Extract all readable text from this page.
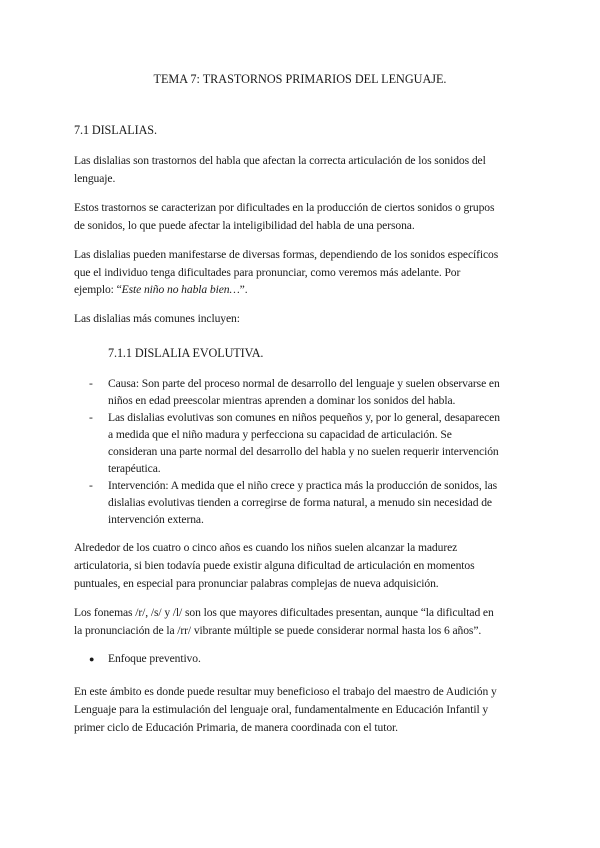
TEMA 7: TRASTORNOS PRIMARIOS DEL LENGUAJE.
7.1 DISLALIAS.
Las dislalias son trastornos del habla que afectan la correcta articulación de los sonidos del
lenguaje.
Estos trastornos se caracterizan por dificultades en la producción de ciertos sonidos o grupos
de sonidos, lo que puede afectar la inteligibilidad del habla de una persona.
Las dislalias pueden manifestarse de diversas formas, dependiendo de los sonidos específicos
que el individuo tenga dificultades para pronunciar, como veremos más adelante. Por
ejemplo: “Este niño no habla bien…”.
Las dislalias más comunes incluyen:
7.1.1 DISLALIA EVOLUTIVA.
- Causa: Son parte del proceso normal de desarrollo del lenguaje y suelen observarse en
niños en edad preescolar mientras aprenden a dominar los sonidos del habla.
- Las dislalias evolutivas son comunes en niños pequeños y, por lo general, desaparecen
a medida que el niño madura y perfecciona su capacidad de articulación. Se
consideran una parte normal del desarrollo del habla y no suelen requerir intervención
terapéutica.
- Intervención: A medida que el niño crece y practica más la producción de sonidos, las
dislalias evolutivas tienden a corregirse de forma natural, a menudo sin necesidad de
intervención externa.
Alrededor de los cuatro o cinco años es cuando los niños suelen alcanzar la madurez
articulatoria, si bien todavía puede existir alguna dificultad de articulación en momentos
puntuales, en especial para pronunciar palabras complejas de nueva adquisición.
Los fonemas /r/, /s/ y /l/ son los que mayores dificultades presentan, aunque “la dificultad en
la pronunciación de la /rr/ vibrante múltiple se puede considerar normal hasta los 6 años”.
● Enfoque preventivo.
En este ámbito es donde puede resultar muy beneficioso el trabajo del maestro de Audición y
Lenguaje para la estimulación del lenguaje oral, fundamentalmente en Educación Infantil y
primer ciclo de Educación Primaria, de manera coordinada con el tutor.
